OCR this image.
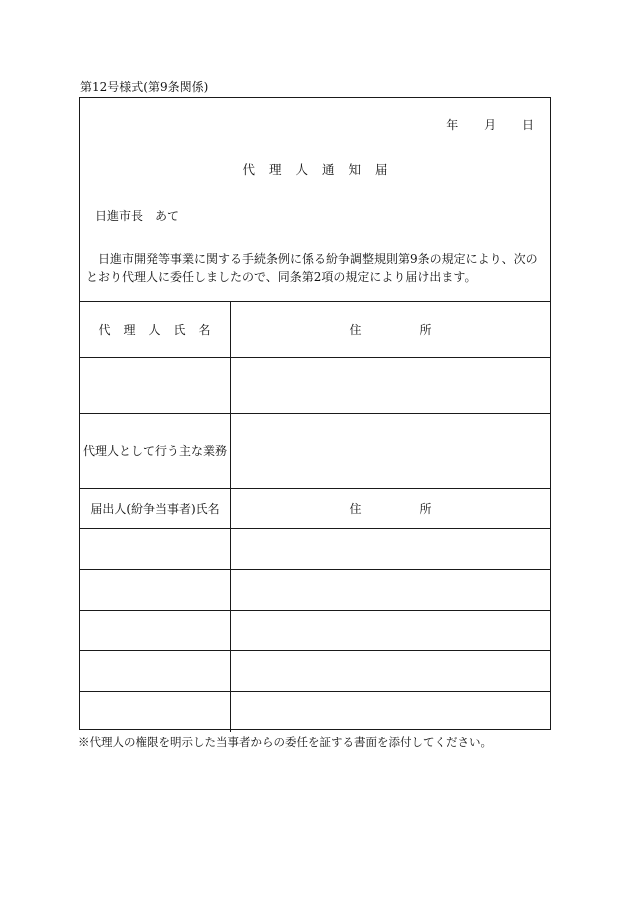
第12号様式(第9条関係)
年 月 日
代理人通知届
日進市長　あて
日進市開発等事業に関する手続条例に係る紛争調整規則第9条の規定により、次のとおり代理人に委任しましたので、同条第2項の規定により届け出ます。
代理人氏名	住 所

代理人として行う主な業務	
届出人(紛争当事者)氏名	住 所

※代理人の権限を明示した当事者からの委任を証する書面を添付してください。
